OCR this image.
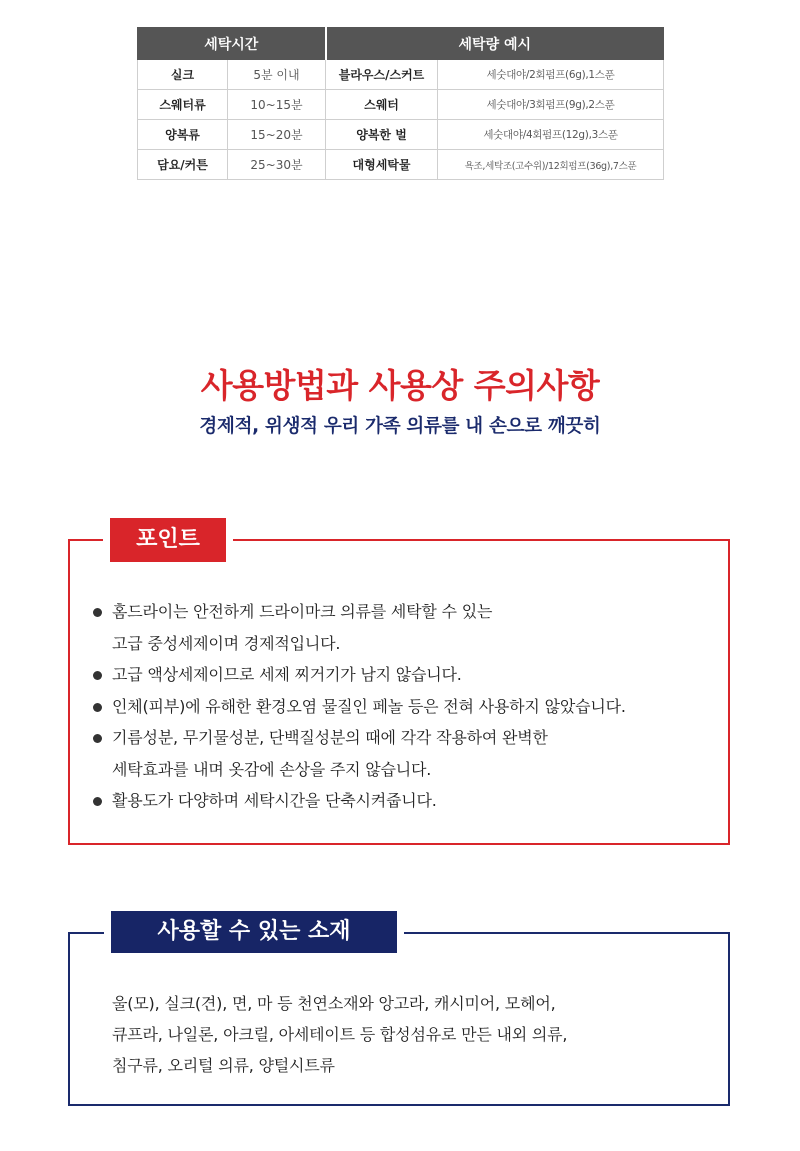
세탁시간		세탁량 예시	
실크	5분 이내	블라우스/스커트	세숫대야/2회펌프(6g),1스푼
스웨터류	10~15분	스웨터	세숫대야/3회펌프(9g),2스푼
양복류	15~20분	양복한 벌	세숫대야/4회펌프(12g),3스푼
담요/커튼	25~30분	대형세탁물	욕조,세탁조(고수위)/12회펌프(36g),7스푼
사용방법과 사용상 주의사항
경제적, 위생적 우리 가족 의류를 내 손으로 깨끗히
포인트
홈드라이는 안전하게 드라이마크 의류를 세탁할 수 있는
고급 중성세제이며 경제적입니다.
고급 액상세제이므로 세제 찌거기가 남지 않습니다.
인체(피부)에 유해한 환경오염 물질인 페놀 등은 전혀 사용하지 않았습니다.
기름성분, 무기물성분, 단백질성분의 때에 각각 작용하여 완벽한
세탁효과를 내며 옷감에 손상을 주지 않습니다.
활용도가 다양하며 세탁시간을 단축시켜줍니다.
사용할 수 있는 소재
울(모), 실크(견), 면, 마 등 천연소재와 앙고라, 캐시미어, 모헤어,
큐프라, 나일론, 아크릴, 아세테이트 등 합성섬유로 만든 내외 의류,
침구류, 오리털 의류, 양털시트류
